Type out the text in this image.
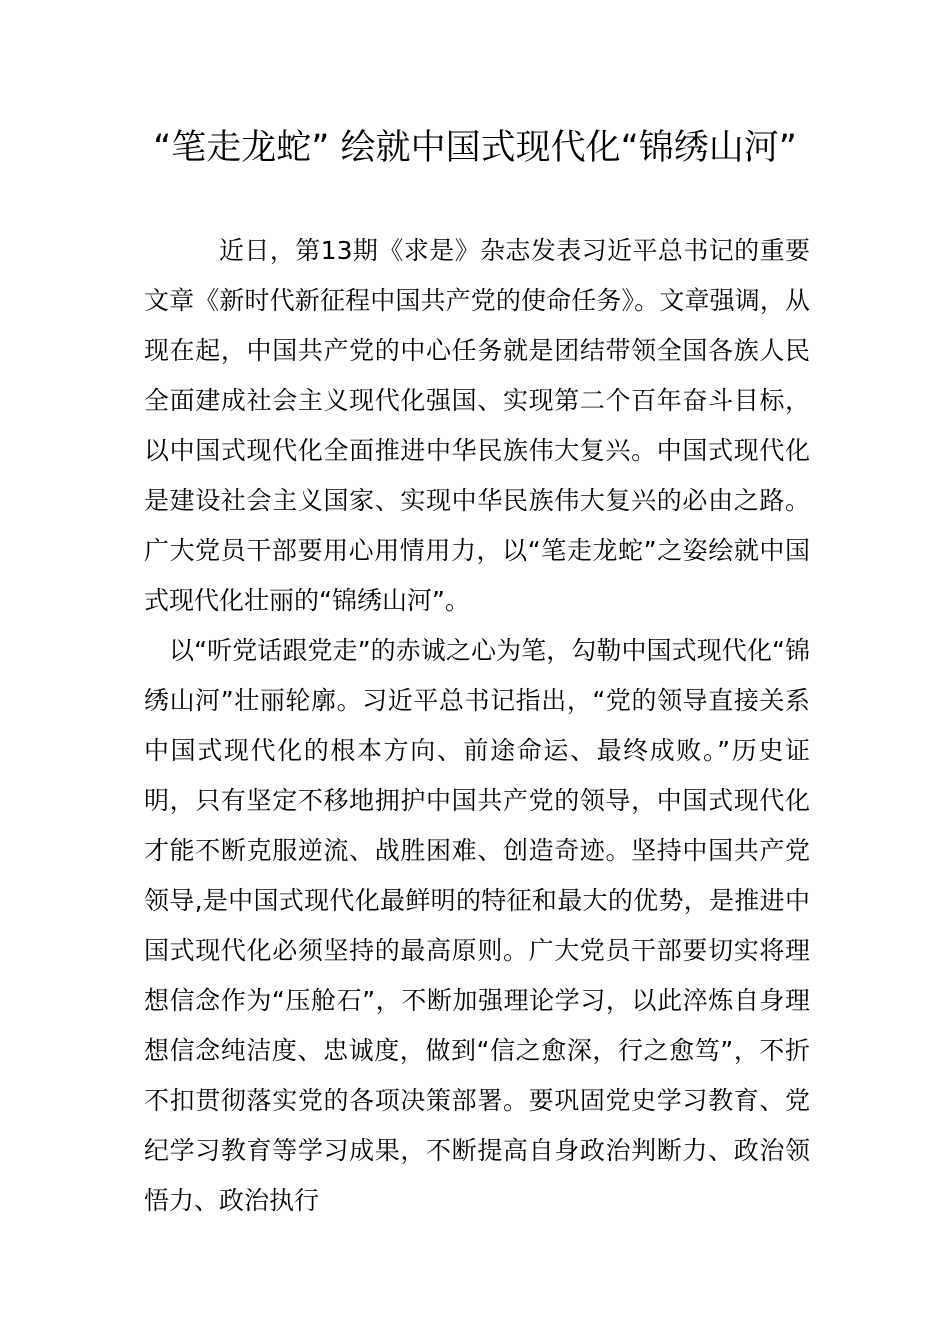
“笔走龙蛇” 绘就中国式现代化“锦绣山河”

近日，第13期《求是》杂志发表习近平总书记的重要文章《新时代新征程中国共产党的使命任务》。文章强调，从现在起，中国共产党的中心任务就是团结带领全国各族人民全面建成社会主义现代化强国、实现第二个百年奋斗目标，以中国式现代化全面推进中华民族伟大复兴。中国式现代化是建设社会主义国家、实现中华民族伟大复兴的必由之路。广大党员干部要用心用情用力，以“笔走龙蛇”之姿绘就中国式现代化壮丽的“锦绣山河”。

以“听党话跟党走”的赤诚之心为笔，勾勒中国式现代化“锦绣山河”壮丽轮廓。习近平总书记指出，“党的领导直接关系中国式现代化的根本方向、前途命运、最终成败。”历史证明，只有坚定不移地拥护中国共产党的领导，中国式现代化才能不断克服逆流、战胜困难、创造奇迹。坚持中国共产党领导,是中国式现代化最鲜明的特征和最大的优势，是推进中国式现代化必须坚持的最高原则。广大党员干部要切实将理想信念作为“压舱石”，不断加强理论学习，以此淬炼自身理想信念纯洁度、忠诚度，做到“信之愈深，行之愈笃”，不折不扣贯彻落实党的各项决策部署。要巩固党史学习教育、党纪学习教育等学习成果，不断提高自身政治判断力、政治领悟力、政治执行
